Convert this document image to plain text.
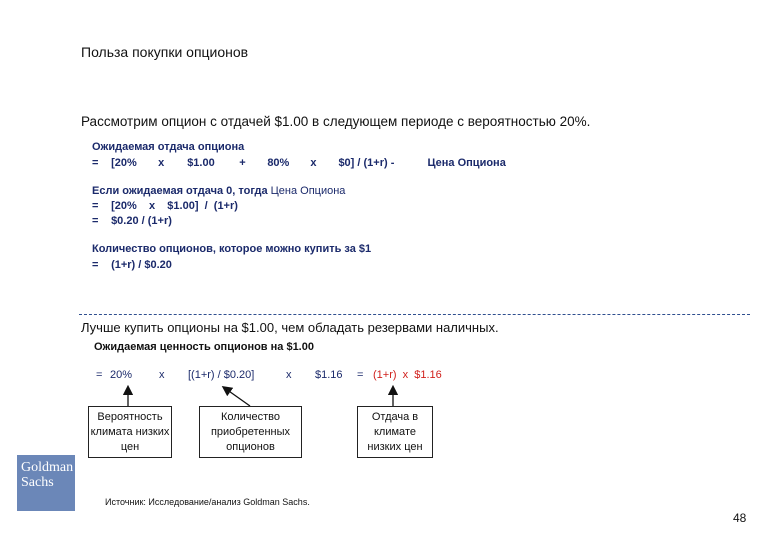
Польза покупки опционов
Рассмотрим опцион с отдачей $1.00 в следующем периоде с вероятностью 20%.
Ожидаемая отдача опциона
= [20% x $1.00 + 80% x $0] / (1+r) -	Цена Опциона
Если ожидаемая отдача 0, тогда Цена Опциона
= [20%    x    $1.00]  /  (1+r)
= $0.20 / (1+r)
Количество опционов, которое можно купить за $1
= (1+r) / $0.20
Лучше купить опционы на $1.00, чем обладать резервами наличных.
Ожидаемая ценность опционов на $1.00
= 20% x [(1+r) / $0.20]	x $1.16 = (1+r)  x  $1.16
Вероятность климата низких цен
Количество приобретенных опционов
Отдача в климате низких цен
Goldman
Sachs
Источник: Исследование/анализ Goldman Sachs.
48
